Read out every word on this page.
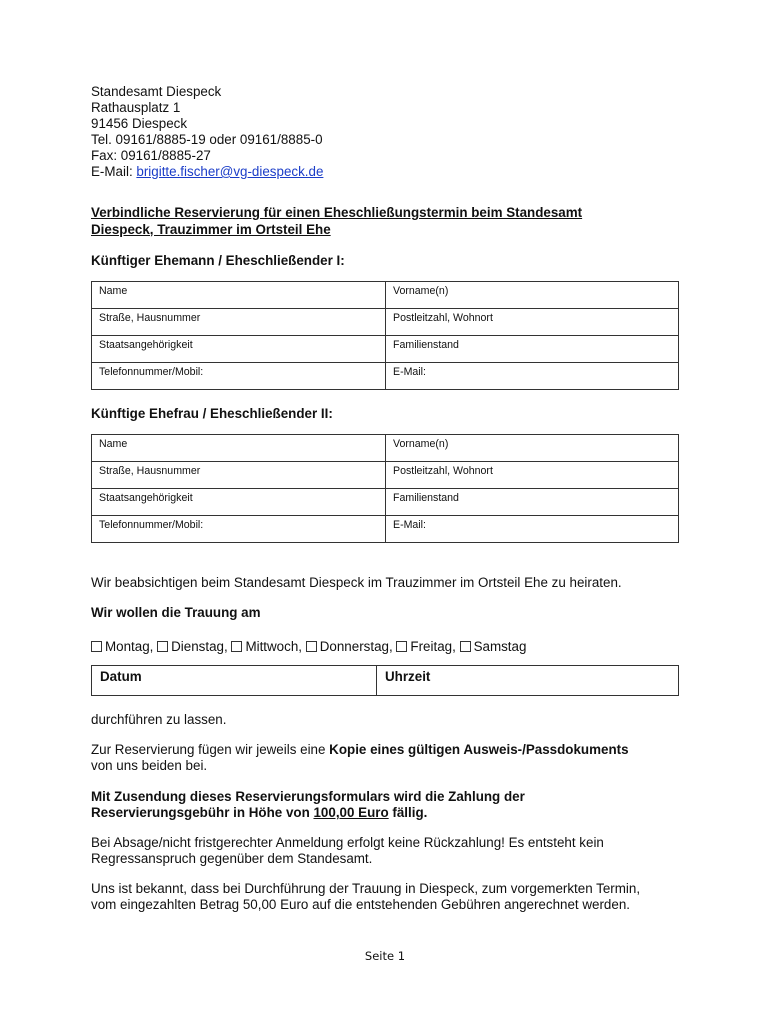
Standesamt Diespeck
Rathausplatz 1
91456 Diespeck
Tel. 09161/8885-19 oder 09161/8885-0
Fax: 09161/8885-27
E-Mail: brigitte.fischer@vg-diespeck.de
Verbindliche Reservierung für einen Eheschließungstermin beim Standesamt
Diespeck, Trauzimmer im Ortsteil Ehe
Künftiger Ehemann / Eheschließender I:
Name	Vorname(n)
Straße, Hausnummer	Postleitzahl, Wohnort
Staatsangehörigkeit	Familienstand
Telefonnummer/Mobil:	E-Mail:
Künftige Ehefrau / Eheschließender II:
Name	Vorname(n)
Straße, Hausnummer	Postleitzahl, Wohnort
Staatsangehörigkeit	Familienstand
Telefonnummer/Mobil:	E-Mail:
Wir beabsichtigen beim Standesamt Diespeck im Trauzimmer im Ortsteil Ehe zu heiraten.
Wir wollen die Trauung am
Montag, Dienstag, Mittwoch, Donnerstag, Freitag, Samstag
Datum	Uhrzeit
durchführen zu lassen.
Zur Reservierung fügen wir jeweils eine Kopie eines gültigen Ausweis-/Passdokuments
von uns beiden bei.
Mit Zusendung dieses Reservierungsformulars wird die Zahlung der
Reservierungsgebühr in Höhe von 100,00 Euro fällig.
Bei Absage/nicht fristgerechter Anmeldung erfolgt keine Rückzahlung! Es entsteht kein
Regressanspruch gegenüber dem Standesamt.
Uns ist bekannt, dass bei Durchführung der Trauung in Diespeck, zum vorgemerkten Termin,
vom eingezahlten Betrag 50,00 Euro auf die entstehenden Gebühren angerechnet werden.
Seite 1
